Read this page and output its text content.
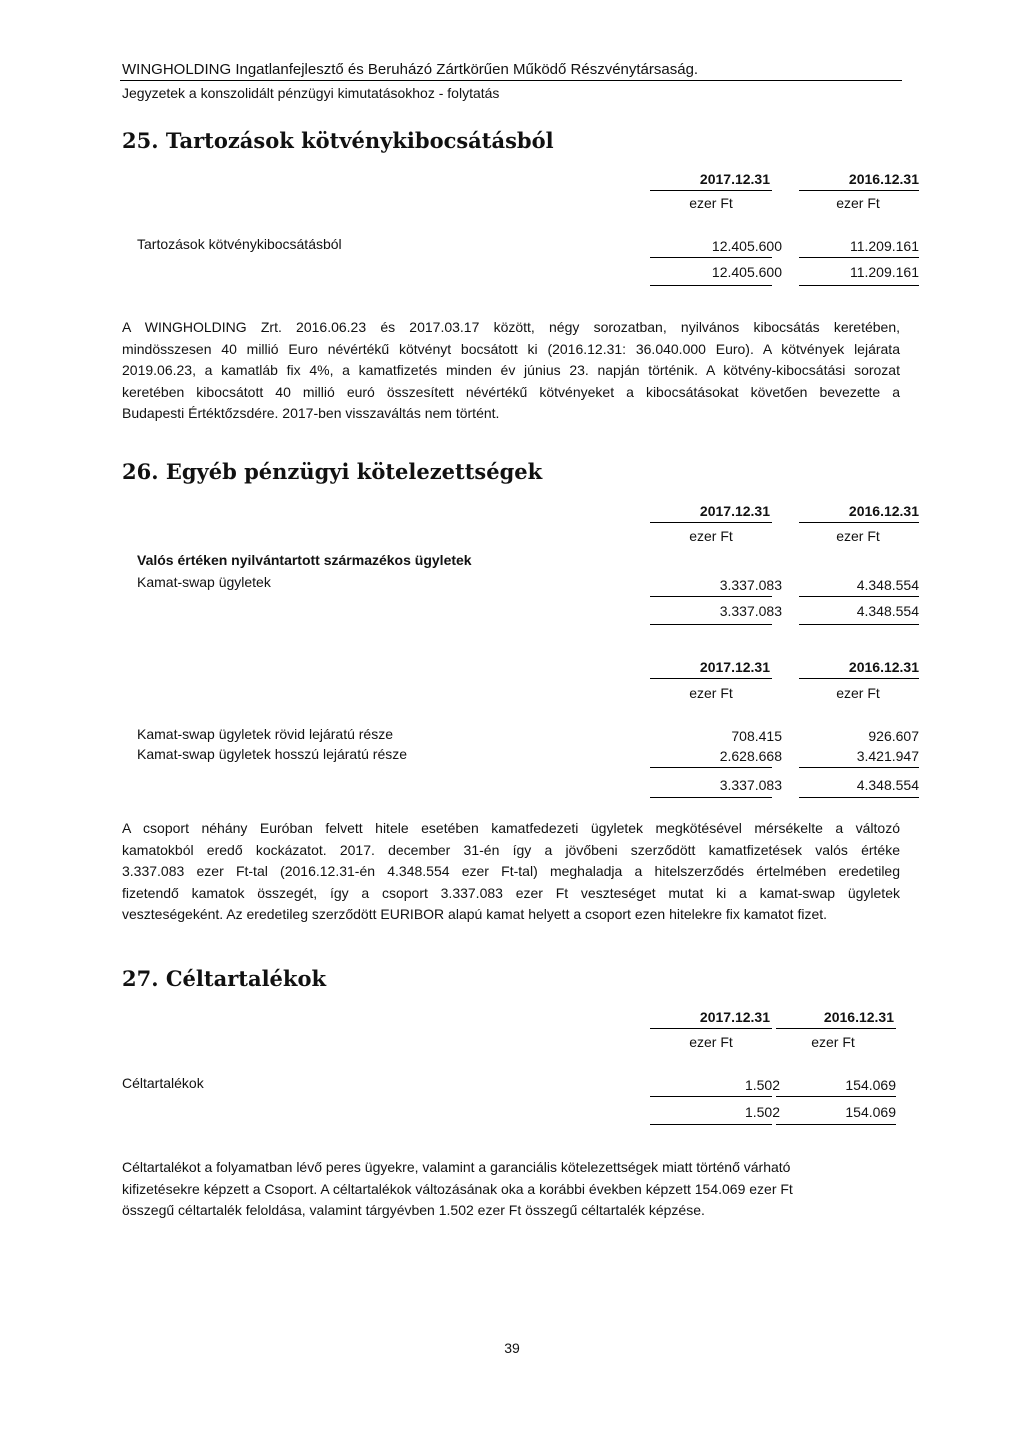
WINGHOLDING Ingatlanfejlesztő és Beruházó Zártkörűen Működő Részvénytársaság.
Jegyzetek a konszolidált pénzügyi kimutatásokhoz - folytatás
25. Tartozások kötvénykibocsátásból
2017.12.31	2016.12.31
ezer Ft	ezer Ft
Tartozások kötvénykibocsátásból	12.405.600	11.209.161
12.405.600	11.209.161
A WINGHOLDING Zrt. 2016.06.23 és 2017.03.17 között, négy sorozatban, nyilvános kibocsátás keretében,
mindösszesen 40 millió Euro névértékű kötvényt bocsátott ki (2016.12.31: 36.040.000 Euro). A kötvények lejárata
2019.06.23, a kamatláb fix 4%, a kamatfizetés minden év június 23. napján történik. A kötvény-kibocsátási sorozat
keretében kibocsátott 40 millió euró összesített névértékű kötvényeket a kibocsátásokat követően bevezette a
Budapesti Értéktőzsdére. 2017-ben visszaváltás nem történt.
26. Egyéb pénzügyi kötelezettségek
2017.12.31	2016.12.31
ezer Ft	ezer Ft
Valós értéken nyilvántartott származékos ügyletek
Kamat-swap ügyletek	3.337.083	4.348.554
3.337.083	4.348.554
2017.12.31	2016.12.31
ezer Ft	ezer Ft
Kamat-swap ügyletek rövid lejáratú része	708.415	926.607
Kamat-swap ügyletek hosszú lejáratú része	2.628.668	3.421.947
3.337.083	4.348.554
A csoport néhány Euróban felvett hitele esetében kamatfedezeti ügyletek megkötésével mérsékelte a változó
kamatokból eredő kockázatot. 2017. december 31-én így a jövőbeni szerződött kamatfizetések valós értéke
3.337.083 ezer Ft-tal (2016.12.31-én 4.348.554 ezer Ft-tal) meghaladja a hitelszerződés értelmében eredetileg
fizetendő kamatok összegét, így a csoport 3.337.083 ezer Ft veszteséget mutat ki a kamat-swap ügyletek
veszteségeként. Az eredetileg szerződött EURIBOR alapú kamat helyett a csoport ezen hitelekre fix kamatot fizet.
27. Céltartalékok
2017.12.31	2016.12.31
ezer Ft	ezer Ft
Céltartalékok	1.502	154.069
1.502	154.069
Céltartalékot a folyamatban lévő peres ügyekre, valamint a garanciális kötelezettségek miatt történő várható
kifizetésekre képzett a Csoport. A céltartalékok változásának oka a korábbi években képzett 154.069 ezer Ft
összegű céltartalék feloldása, valamint tárgyévben 1.502 ezer Ft összegű céltartalék képzése.
39
